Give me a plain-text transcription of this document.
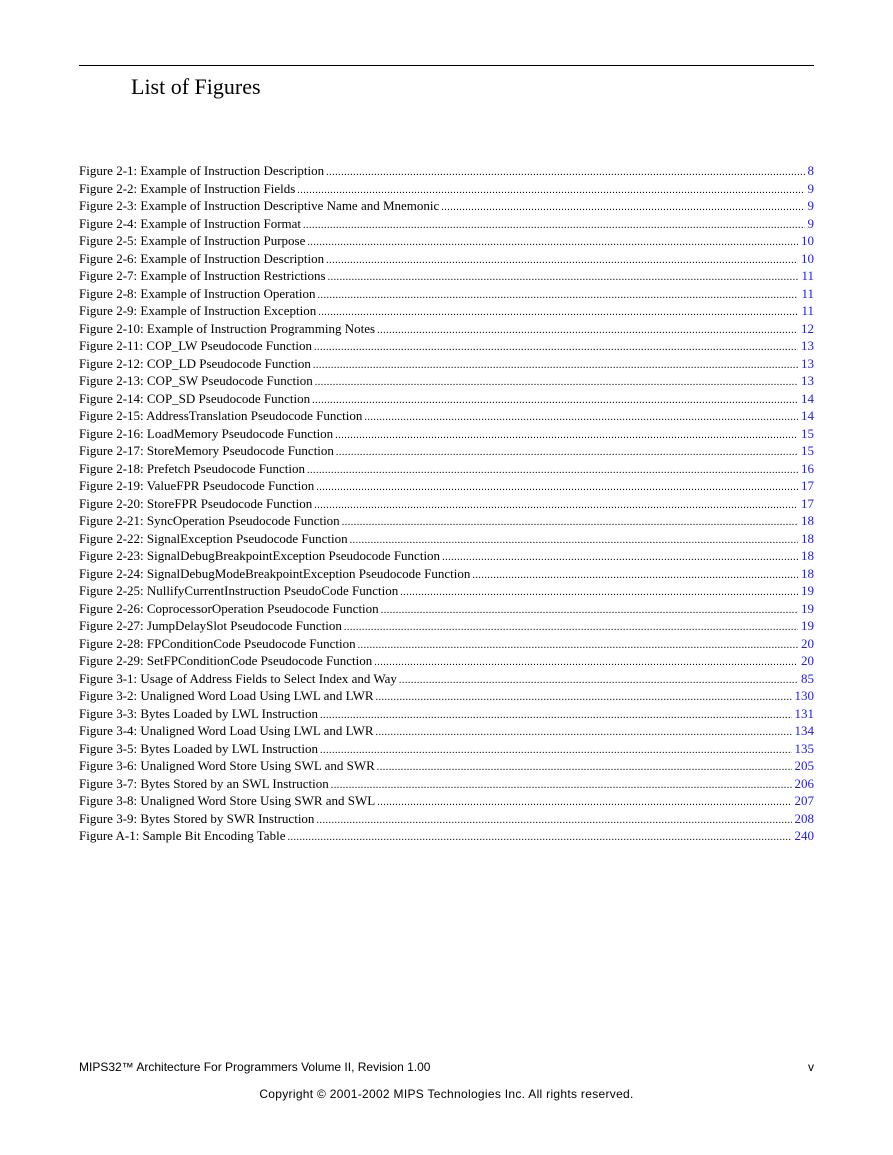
List of Figures
Figure 2-1: Example of Instruction Description .....	8
Figure 2-2: Example of Instruction Fields .....	9
Figure 2-3: Example of Instruction Descriptive Name and Mnemonic .....	9
Figure 2-4: Example of Instruction Format .....	9
Figure 2-5: Example of Instruction Purpose .....	10
Figure 2-6: Example of Instruction Description .....	10
Figure 2-7: Example of Instruction Restrictions .....	11
Figure 2-8: Example of Instruction Operation .....	11
Figure 2-9: Example of Instruction Exception .....	11
Figure 2-10: Example of Instruction Programming Notes .....	12
Figure 2-11: COP_LW Pseudocode Function .....	13
Figure 2-12: COP_LD Pseudocode Function .....	13
Figure 2-13: COP_SW Pseudocode Function .....	13
Figure 2-14: COP_SD Pseudocode Function .....	14
Figure 2-15: AddressTranslation Pseudocode Function .....	14
Figure 2-16: LoadMemory Pseudocode Function .....	15
Figure 2-17: StoreMemory Pseudocode Function .....	15
Figure 2-18: Prefetch Pseudocode Function .....	16
Figure 2-19: ValueFPR Pseudocode Function .....	17
Figure 2-20: StoreFPR Pseudocode Function .....	17
Figure 2-21: SyncOperation Pseudocode Function .....	18
Figure 2-22: SignalException Pseudocode Function .....	18
Figure 2-23: SignalDebugBreakpointException Pseudocode Function .....	18
Figure 2-24: SignalDebugModeBreakpointException Pseudocode Function .....	18
Figure 2-25: NullifyCurrentInstruction PseudoCode Function .....	19
Figure 2-26: CoprocessorOperation Pseudocode Function .....	19
Figure 2-27: JumpDelaySlot Pseudocode Function .....	19
Figure 2-28: FPConditionCode Pseudocode Function .....	20
Figure 2-29: SetFPConditionCode Pseudocode Function .....	20
Figure 3-1: Usage of Address Fields to Select Index and Way .....	85
Figure 3-2: Unaligned Word Load Using LWL and LWR .....	130
Figure 3-3: Bytes Loaded by LWL Instruction .....	131
Figure 3-4: Unaligned Word Load Using LWL and LWR .....	134
Figure 3-5: Bytes Loaded by LWL Instruction .....	135
Figure 3-6: Unaligned Word Store Using SWL and SWR .....	205
Figure 3-7: Bytes Stored by an SWL Instruction .....	206
Figure 3-8: Unaligned Word Store Using SWR and SWL .....	207
Figure 3-9: Bytes Stored by SWR Instruction .....	208
Figure A-1: Sample Bit Encoding Table .....	240
MIPS32™ Architecture For Programmers Volume II, Revision 1.00	v
Copyright © 2001-2002 MIPS Technologies Inc. All rights reserved.
